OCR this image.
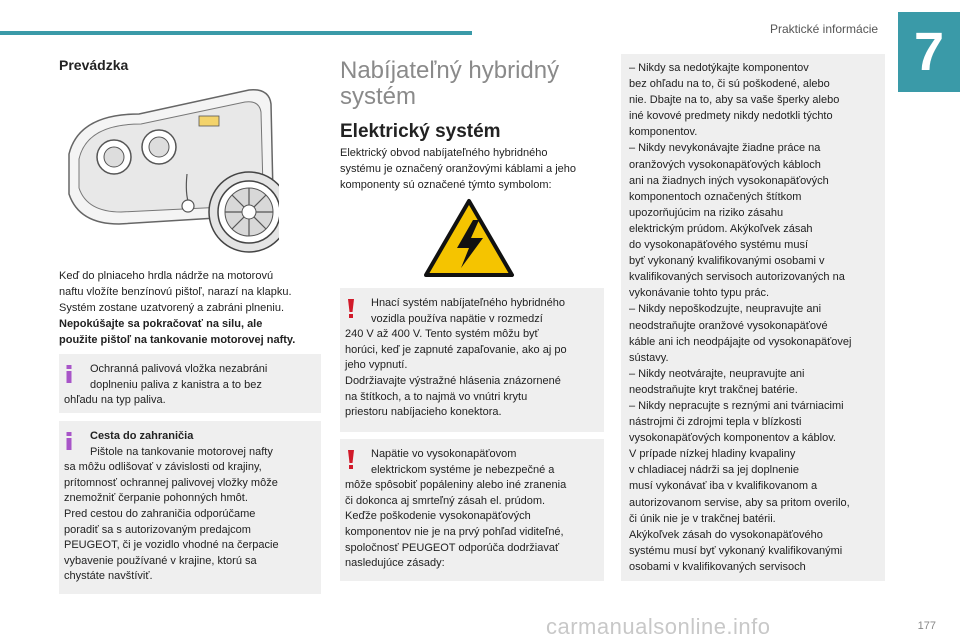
Praktické informácie 7
Prevádzka
Keď do plniaceho hrdla nádrže na motorovú
naftu vložíte benzínovú pištoľ, narazí na klapku.
Systém zostane uzatvorený a zabráni plneniu.
Nepokúšajte sa pokračovať na silu, ale
použite pištoľ na tankovanie motorovej nafty.
Ochranná palivová vložka nezabráni
doplneniu paliva z kanistra a to bez
ohľadu na typ paliva.
Cesta do zahraničia
Pištole na tankovanie motorovej nafty
sa môžu odlišovať v závislosti od krajiny,
prítomnosť ochrannej palivovej vložky môže
znemožniť čerpanie pohonných hmôt.
Pred cestou do zahraničia odporúčame
poradiť sa s autorizovaným predajcom
PEUGEOT, či je vozidlo vhodné na čerpacie
vybavenie používané v krajine, ktorú sa
chystáte navštíviť.
Nabíjateľný hybridný
systém
Elektrický systém
Elektrický obvod nabíjateľného hybridného
systému je označený oranžovými káblami a jeho
komponenty sú označené týmto symbolom:
Hnací systém nabíjateľného hybridného
vozidla používa napätie v rozmedzí
240 V až 400 V. Tento systém môžu byť
horúci, keď je zapnuté zapaľovanie, ako aj po
jeho vypnutí.
Dodržiavajte výstražné hlásenia znázornené
na štítkoch, a to najmä vo vnútri krytu
priestoru nabíjacieho konektora.
Napätie vo vysokonapäťovom
elektrickom systéme je nebezpečné a
môže spôsobiť popáleniny alebo iné zranenia
či dokonca aj smrteľný zásah el. prúdom.
Keďže poškodenie vysokonapäťových
komponentov nie je na prvý pohľad viditeľné,
spoločnosť PEUGEOT odporúča dodržiavať
nasledujúce zásady:
– Nikdy sa nedotýkajte komponentov
bez ohľadu na to, či sú poškodené, alebo
nie. Dbajte na to, aby sa vaše šperky alebo
iné kovové predmety nikdy nedotkli týchto
komponentov.
– Nikdy nevykonávajte žiadne práce na
oranžových vysokonapäťových kábloch
ani na žiadnych iných vysokonapäťových
komponentoch označených štítkom
upozorňujúcim na riziko zásahu
elektrickým prúdom. Akýkoľvek zásah
do vysokonapäťového systému musí
byť vykonaný kvalifikovanými osobami v
kvalifikovaných servisoch autorizovaných na
vykonávanie tohto typu prác.
– Nikdy nepoškodzujte, neupravujte ani
neodstraňujte oranžové vysokonapäťové
káble ani ich neodpájajte od vysokonapäťovej
sústavy.
– Nikdy neotvárajte, neupravujte ani
neodstraňujte kryt trakčnej batérie.
– Nikdy nepracujte s reznými ani tvárniacimi
nástrojmi či zdrojmi tepla v blízkosti
vysokonapäťových komponentov a káblov.
V prípade nízkej hladiny kvapaliny
v chladiacej nádrži sa jej doplnenie
musí vykonávať iba v kvalifikovanom a
autorizovanom servise, aby sa pritom overilo,
či únik nie je v trakčnej batérii.
Akýkoľvek zásah do vysokonapäťového
systému musí byť vykonaný kvalifikovanými
osobami v kvalifikovaných servisoch
carmanualsonline.info	177
